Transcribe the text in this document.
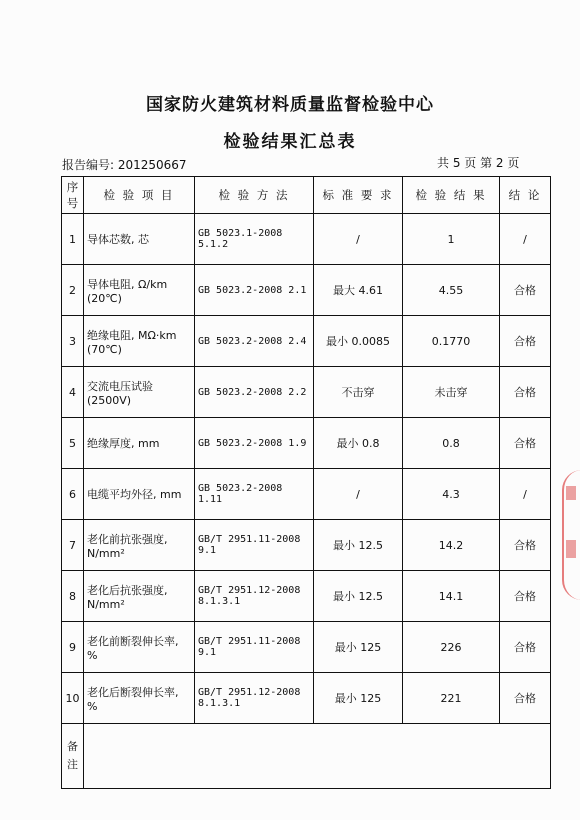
国家防火建筑材料质量监督检验中心
检验结果汇总表
报告编号: 201250667	共 5 页 第 2 页
序号	检 验 项 目	检 验 方 法	标 准 要 求	检 验 结 果	结 论
1	导体芯数, 芯	GB 5023.1-2008 5.1.2	/	1	/
2	导体电阻, Ω/km (20℃)	GB 5023.2-2008 2.1	最大 4.61	4.55	合格
3	绝缘电阻, MΩ·km (70℃)	GB 5023.2-2008 2.4	最小 0.0085	0.1770	合格
4	交流电压试验 (2500V)	GB 5023.2-2008 2.2	不击穿	未击穿	合格
5	绝缘厚度, mm	GB 5023.2-2008 1.9	最小 0.8	0.8	合格
6	电缆平均外径, mm	GB 5023.2-2008 1.11	/	4.3	/
7	老化前抗张强度, N/mm²	GB/T 2951.11-2008 9.1	最小 12.5	14.2	合格
8	老化后抗张强度, N/mm²	GB/T 2951.12-2008 8.1.3.1	最小 12.5	14.1	合格
9	老化前断裂伸长率, %	GB/T 2951.11-2008 9.1	最小 125	226	合格
10	老化后断裂伸长率, %	GB/T 2951.12-2008 8.1.3.1	最小 125	221	合格

备注					
